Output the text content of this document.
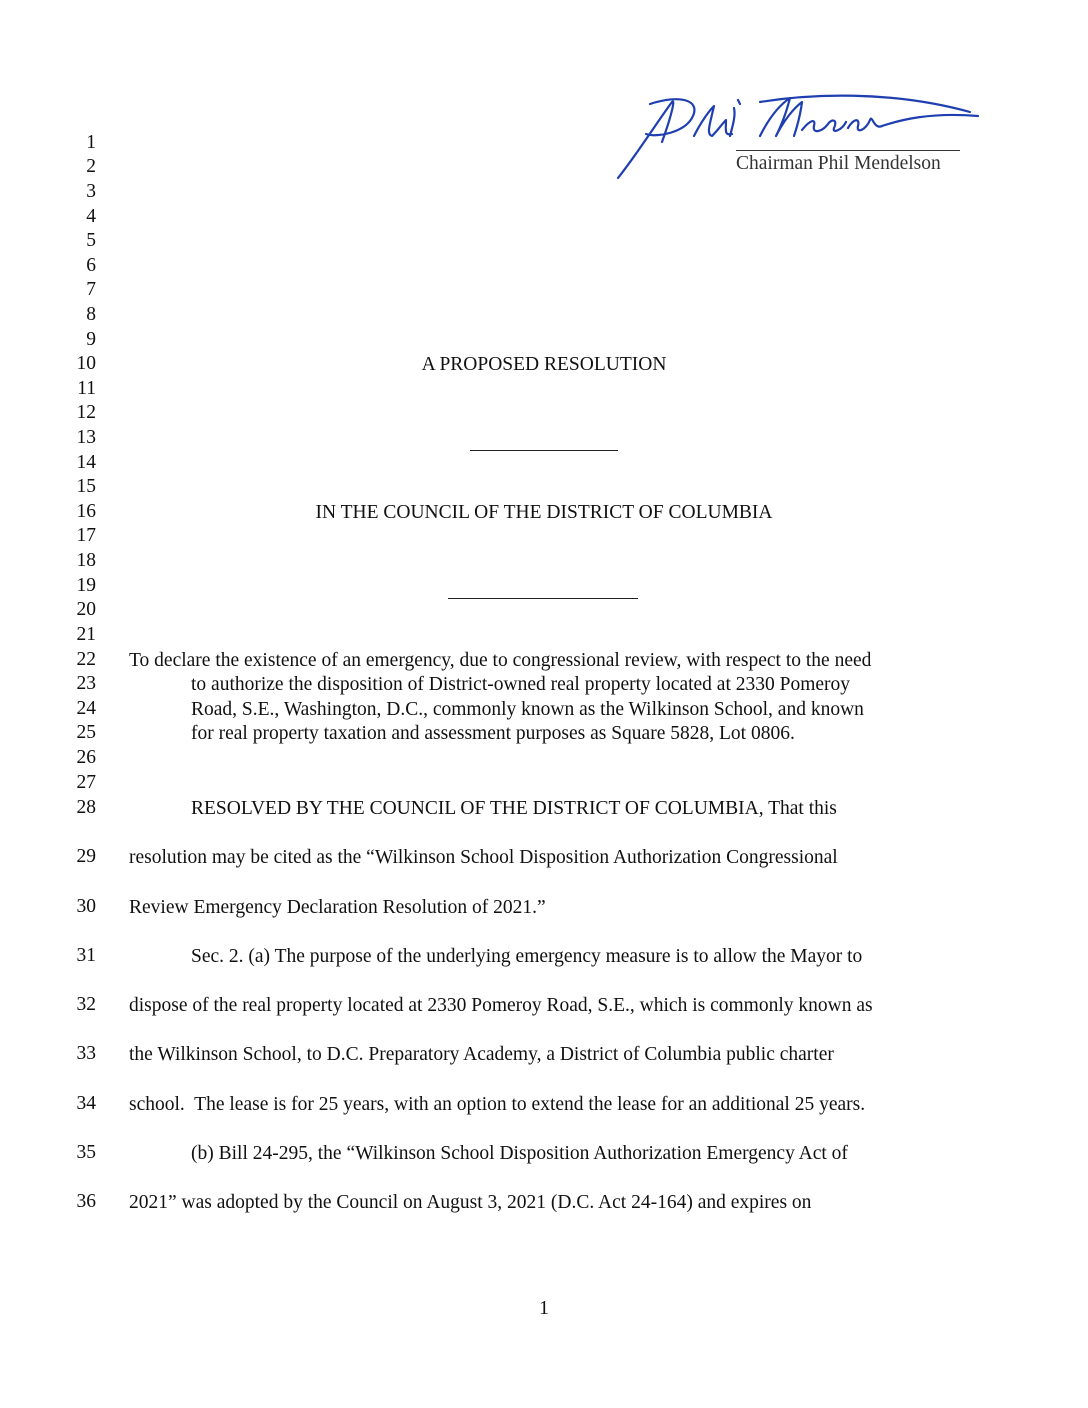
Chairman Phil Mendelson
1
2
3
4
5
6
7
8
9
10
11
12
13
14
15
16
17
18
19
20
21
22
23
24
25
26
27
28
29
30
31
32
33
34
35
36
A PROPOSED RESOLUTION
IN THE COUNCIL OF THE DISTRICT OF COLUMBIA
To declare the existence of an emergency, due to congressional review, with respect to the need
to authorize the disposition of District-owned real property located at 2330 Pomeroy
Road, S.E., Washington, D.C., commonly known as the Wilkinson School, and known
for real property taxation and assessment purposes as Square 5828, Lot 0806.
RESOLVED BY THE COUNCIL OF THE DISTRICT OF COLUMBIA, That this
resolution may be cited as the “Wilkinson School Disposition Authorization Congressional
Review Emergency Declaration Resolution of 2021.”
Sec. 2. (a) The purpose of the underlying emergency measure is to allow the Mayor to
dispose of the real property located at 2330 Pomeroy Road, S.E., which is commonly known as
the Wilkinson School, to D.C. Preparatory Academy, a District of Columbia public charter
school.  The lease is for 25 years, with an option to extend the lease for an additional 25 years.
(b) Bill 24-295, the “Wilkinson School Disposition Authorization Emergency Act of
2021” was adopted by the Council on August 3, 2021 (D.C. Act 24-164) and expires on
1
